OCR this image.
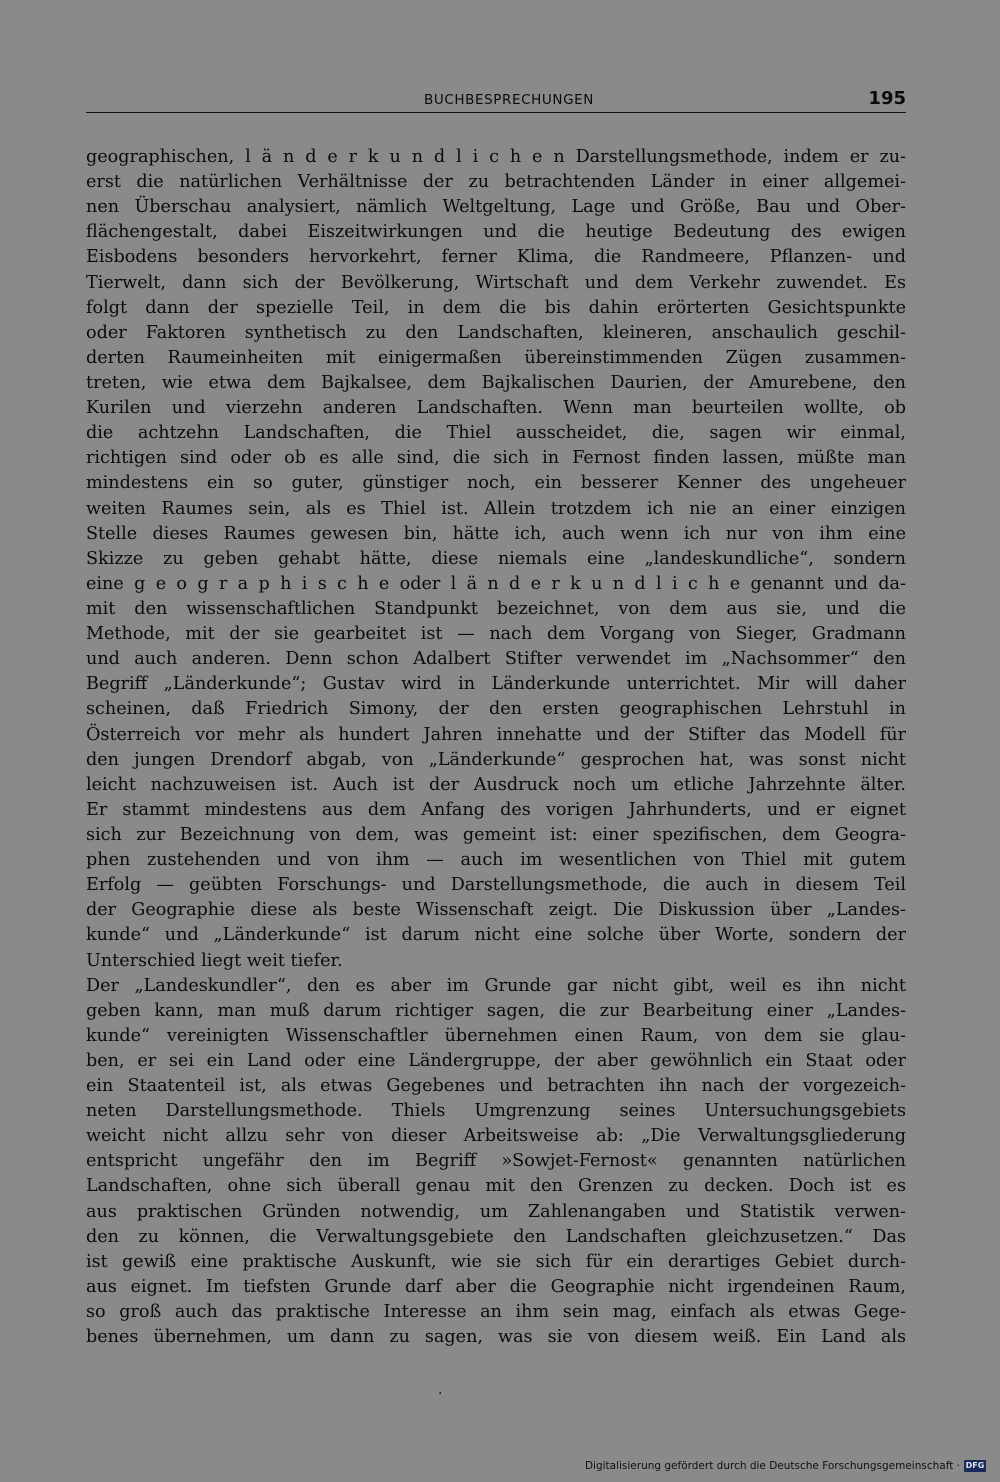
BUCHBESPRECHUNGEN	195
geographischen, l ä n d e r k u n d l i c h e n Darstellungsmethode, indem er zu-
erst die natürlichen Verhältnisse der zu betrachtenden Länder in einer allgemei-
nen Überschau analysiert, nämlich Weltgeltung, Lage und Größe, Bau und Ober-
flächengestalt, dabei Eiszeitwirkungen und die heutige Bedeutung des ewigen
Eisbodens besonders hervorkehrt, ferner Klima, die Randmeere, Pflanzen- und
Tierwelt, dann sich der Bevölkerung, Wirtschaft und dem Verkehr zuwendet. Es
folgt dann der spezielle Teil, in dem die bis dahin erörterten Gesichtspunkte
oder Faktoren synthetisch zu den Landschaften, kleineren, anschaulich geschil-
derten Raumeinheiten mit einigermaßen übereinstimmenden Zügen zusammen-
treten, wie etwa dem Bajkalsee, dem Bajkalischen Daurien, der Amurebene, den
Kurilen und vierzehn anderen Landschaften. Wenn man beurteilen wollte, ob
die achtzehn Landschaften, die Thiel ausscheidet, die, sagen wir einmal,
richtigen sind oder ob es alle sind, die sich in Fernost finden lassen, müßte man
mindestens ein so guter, günstiger noch, ein besserer Kenner des ungeheuer
weiten Raumes sein, als es Thiel ist. Allein trotzdem ich nie an einer einzigen
Stelle dieses Raumes gewesen bin, hätte ich, auch wenn ich nur von ihm eine
Skizze zu geben gehabt hätte, diese niemals eine „landeskundliche“, sondern
eine g e o g r a p h i s c h e oder l ä n d e r k u n d l i c h e genannt und da-
mit den wissenschaftlichen Standpunkt bezeichnet, von dem aus sie, und die
Methode, mit der sie gearbeitet ist — nach dem Vorgang von Sieger, Gradmann
und auch anderen. Denn schon Adalbert Stifter verwendet im „Nachsommer“ den
Begriff „Länderkunde“; Gustav wird in Länderkunde unterrichtet. Mir will daher
scheinen, daß Friedrich Simony, der den ersten geographischen Lehrstuhl in
Österreich vor mehr als hundert Jahren innehatte und der Stifter das Modell für
den jungen Drendorf abgab, von „Länderkunde“ gesprochen hat, was sonst nicht
leicht nachzuweisen ist. Auch ist der Ausdruck noch um etliche Jahrzehnte älter.
Er stammt mindestens aus dem Anfang des vorigen Jahrhunderts, und er eignet
sich zur Bezeichnung von dem, was gemeint ist: einer spezifischen, dem Geogra-
phen zustehenden und von ihm — auch im wesentlichen von Thiel mit gutem
Erfolg — geübten Forschungs- und Darstellungsmethode, die auch in diesem Teil
der Geographie diese als beste Wissenschaft zeigt. Die Diskussion über „Landes-
kunde“ und „Länderkunde“ ist darum nicht eine solche über Worte, sondern der
Unterschied liegt weit tiefer.
Der „Landeskundler“, den es aber im Grunde gar nicht gibt, weil es ihn nicht
geben kann, man muß darum richtiger sagen, die zur Bearbeitung einer „Landes-
kunde“ vereinigten Wissenschaftler übernehmen einen Raum, von dem sie glau-
ben, er sei ein Land oder eine Ländergruppe, der aber gewöhnlich ein Staat oder
ein Staatenteil ist, als etwas Gegebenes und betrachten ihn nach der vorgezeich-
neten Darstellungsmethode. Thiels Umgrenzung seines Untersuchungsgebiets
weicht nicht allzu sehr von dieser Arbeitsweise ab: „Die Verwaltungsgliederung
entspricht ungefähr den im Begriff »Sowjet-Fernost« genannten natürlichen
Landschaften, ohne sich überall genau mit den Grenzen zu decken. Doch ist es
aus praktischen Gründen notwendig, um Zahlenangaben und Statistik verwen-
den zu können, die Verwaltungsgebiete den Landschaften gleichzusetzen.“ Das
ist gewiß eine praktische Auskunft, wie sie sich für ein derartiges Gebiet durch-
aus eignet. Im tiefsten Grunde darf aber die Geographie nicht irgendeinen Raum,
so groß auch das praktische Interesse an ihm sein mag, einfach als etwas Gege-
benes übernehmen, um dann zu sagen, was sie von diesem weiß. Ein Land als
·
Digitalisierung gefördert durch die Deutsche Forschungsgemeinschaft · DFG
